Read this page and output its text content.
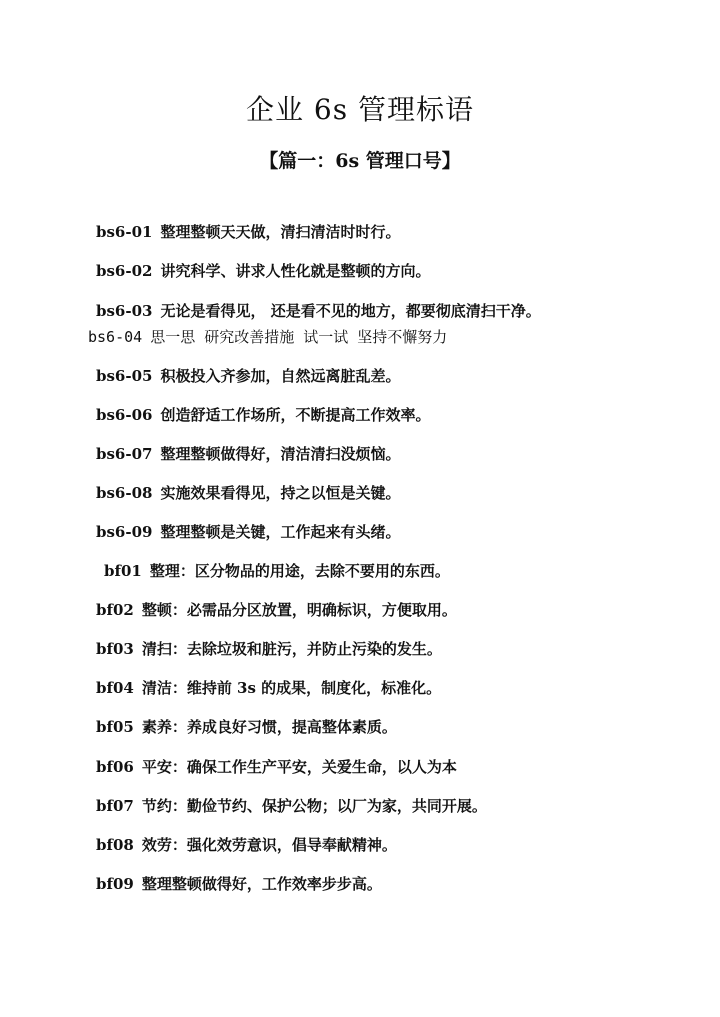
企业 6s 管理标语
【篇一：6s 管理口号】
bs6-01 整理整顿天天做，清扫清洁时时行。
bs6-02 讲究科学、讲求人性化就是整顿的方向。
bs6-03 无论是看得见， 还是看不见的地方，都要彻底清扫干净。
bs6-04 思一思 研究改善措施 试一试 坚持不懈努力
bs6-05 积极投入齐参加，自然远离脏乱差。
bs6-06 创造舒适工作场所，不断提高工作效率。
bs6-07 整理整顿做得好，清洁清扫没烦恼。
bs6-08 实施效果看得见，持之以恒是关键。
bs6-09 整理整顿是关键，工作起来有头绪。
bf01 整理：区分物品的用途，去除不要用的东西。
bf02 整顿：必需品分区放置，明确标识，方便取用。
bf03 清扫：去除垃圾和脏污，并防止污染的发生。
bf04 清洁：维持前 3s 的成果，制度化，标准化。
bf05 素养：养成良好习惯，提高整体素质。
bf06 平安：确保工作生产平安，关爱生命，以人为本
bf07 节约：勤俭节约、保护公物；以厂为家，共同开展。
bf08 效劳：强化效劳意识，倡导奉献精神。
bf09 整理整顿做得好，工作效率步步高。
